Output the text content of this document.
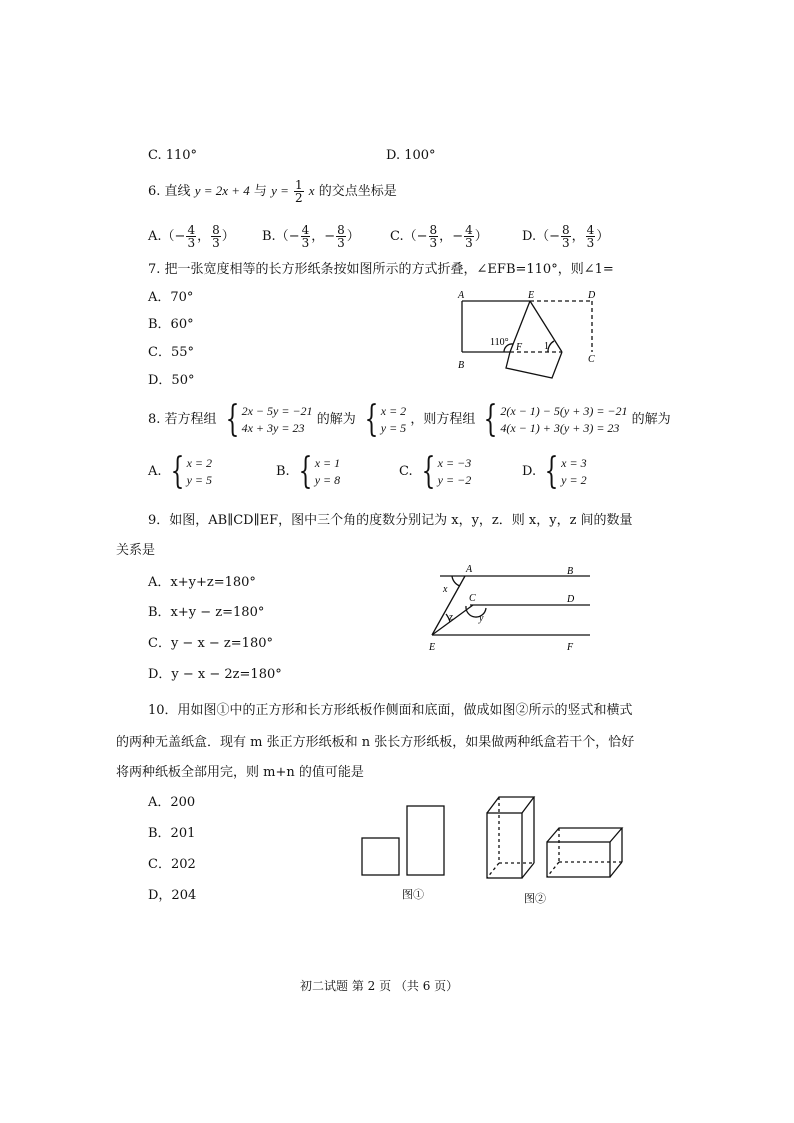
C. 110°	D. 100°
6. 直线 y = 2x + 4 与 $y = \frac{1}{2}$ x 的交点坐标是
$A.(- \frac{4}{3}$ ， $\frac{8}{3}$ ） $B.(- \frac{4}{3}$ ，− $\frac{8}{3}$ ） $C.(- \frac{8}{3}$ ，− $\frac{4}{3}$ ）	$D.(- \frac{8}{3}$ ， $\frac{4}{3}$ ）
7. 把一张宽度相等的长方形纸条按如图所示的方式折叠，∠EFB=110°，则∠1=
A．70°
B．60°
C．55°
D．50°
A	E	D
B
F
C
110°	1
8. 若方程组 { 2x − 5y = −21
4x + 3y = 23
的解为 { x = 2
y = 5
，则方程组 { 2(x − 1) − 5(y + 3) = −21
4(x − 1) + 3(y + 3) = 23
的解为
A. { x = 2
y = 5
B. { x = 1
y = 8
C. { x = −3
y = −2
D. { x = 3
y = 2
9．如图，AB∥CD∥EF，图中三个角的度数分别记为 x，y，z．则 x，y，z 间的数量
关系是
A．x+y+z=180°
B．x+y − z=180°
C．y − x − z=180°
D．y − x − 2z=180°
A	B
C	D
E	F
x
y
z
10．用如图①中的正方形和长方形纸板作侧面和底面，做成如图②所示的竖式和横式
的两种无盖纸盒．现有 m 张正方形纸板和 n 张长方形纸板，如果做两种纸盒若干个，恰好
将两种纸板全部用完，则 m+n 的值可能是
A．200
B．201
C．202
D，204	图①	图②
初二试题 第 2 页 （共 6 页）
